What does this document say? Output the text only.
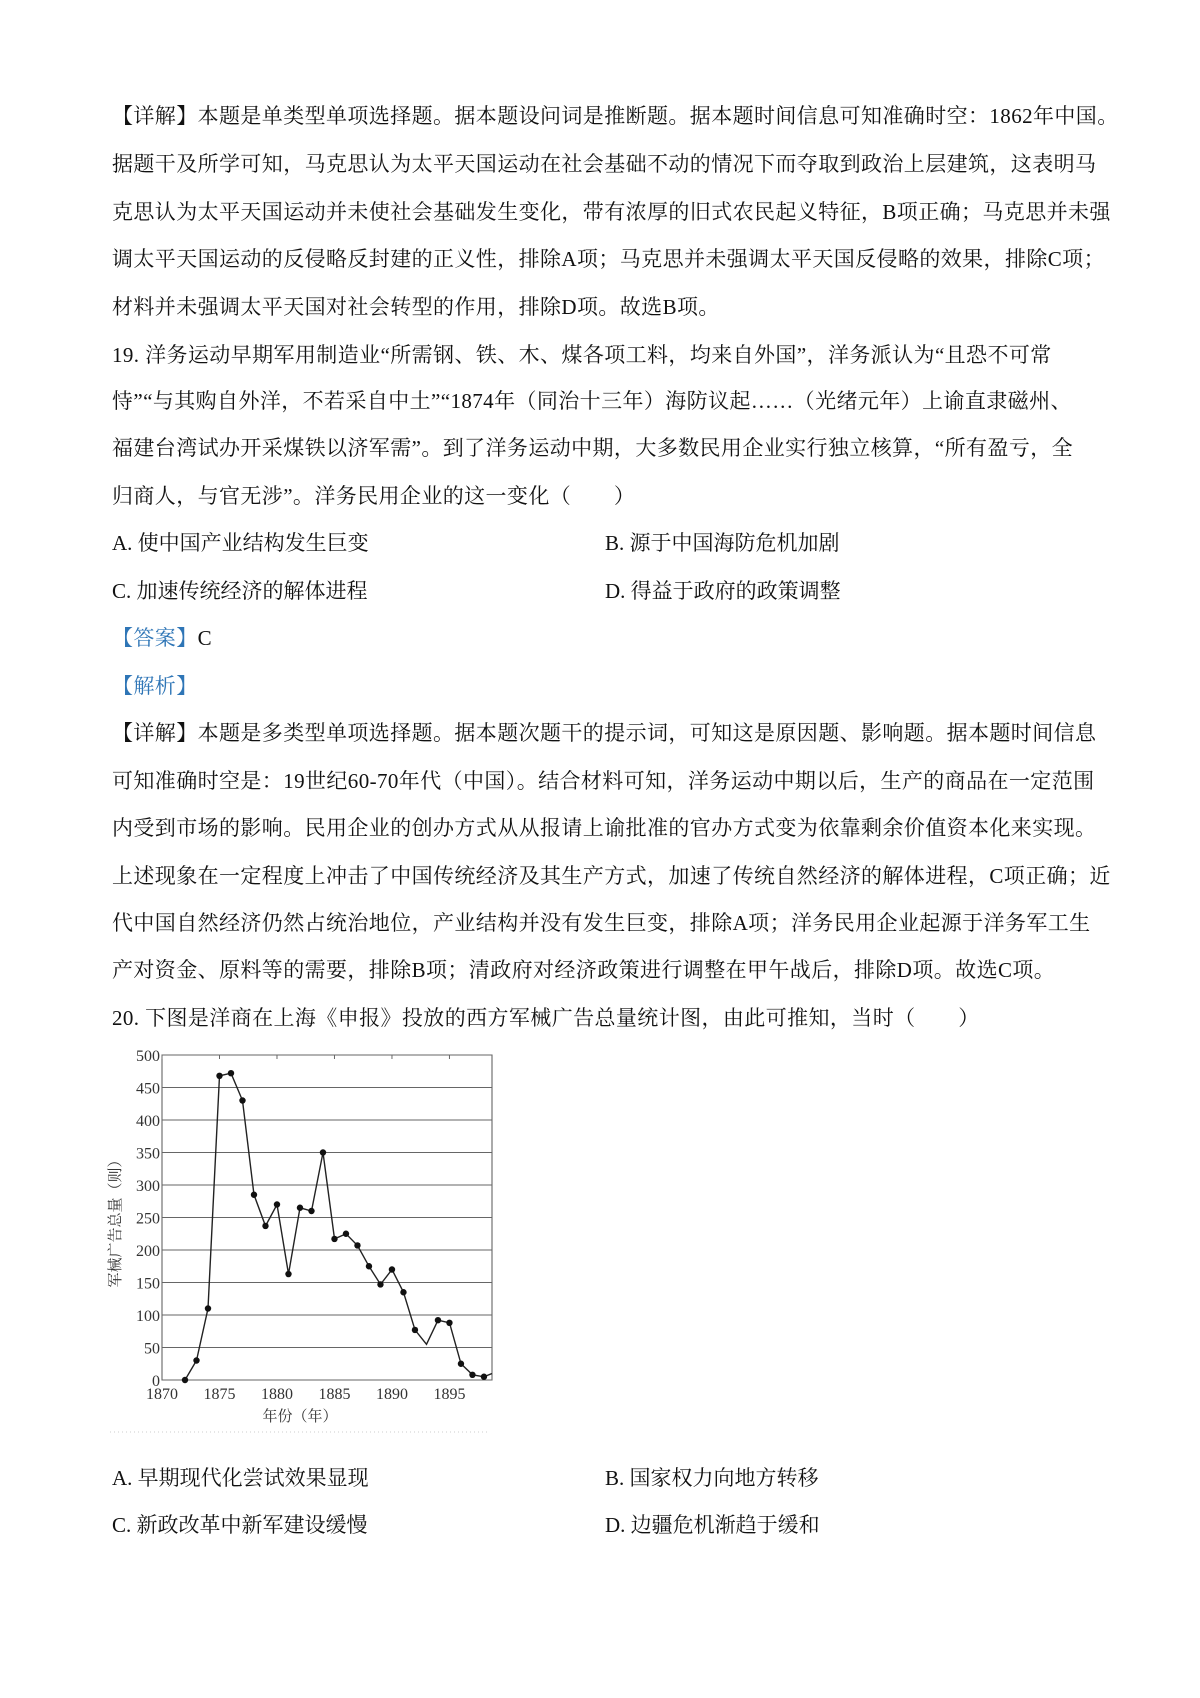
【详解】本题是单类型单项选择题。据本题设问词是推断题。据本题时间信息可知准确时空：1862年中国。
据题干及所学可知，马克思认为太平天国运动在社会基础不动的情况下而夺取到政治上层建筑，这表明马
克思认为太平天国运动并未使社会基础发生变化，带有浓厚的旧式农民起义特征，B项正确；马克思并未强
调太平天国运动的反侵略反封建的正义性，排除A项；马克思并未强调太平天国反侵略的效果，排除C项；
材料并未强调太平天国对社会转型的作用，排除D项。故选B项。
19. 洋务运动早期军用制造业“所需钢、铁、木、煤各项工料，均来自外国”，洋务派认为“且恐不可常
恃”“与其购自外洋，不若采自中土”“1874年（同治十三年）海防议起……（光绪元年）上谕直隶磁州、
福建台湾试办开采煤铁以济军需”。到了洋务运动中期，大多数民用企业实行独立核算，“所有盈亏，全
归商人，与官无涉”。洋务民用企业的这一变化（　　）
A. 使中国产业结构发生巨变	B. 源于中国海防危机加剧
C. 加速传统经济的解体进程	D. 得益于政府的政策调整
【答案】C
【解析】
【详解】本题是多类型单项选择题。据本题次题干的提示词，可知这是原因题、影响题。据本题时间信息
可知准确时空是：19世纪60-70年代（中国）。结合材料可知，洋务运动中期以后，生产的商品在一定范围
内受到市场的影响。民用企业的创办方式从从报请上谕批准的官办方式变为依靠剩余价值资本化来实现。
上述现象在一定程度上冲击了中国传统经济及其生产方式，加速了传统自然经济的解体进程，C项正确；近
代中国自然经济仍然占统治地位，产业结构并没有发生巨变，排除A项；洋务民用企业起源于洋务军工生
产对资金、原料等的需要，排除B项；清政府对经济政策进行调整在甲午战后，排除D项。故选C项。
20. 下图是洋商在上海《申报》投放的西方军械广告总量统计图，由此可推知，当时（　　）
0
50
100
150
200
250
300
350
400
450
500
1870 1875 1880 1885 1890 1895
军械广告总量（则）
年份（年）
A. 早期现代化尝试效果显现	B. 国家权力向地方转移
C. 新政改革中新军建设缓慢	D. 边疆危机渐趋于缓和
